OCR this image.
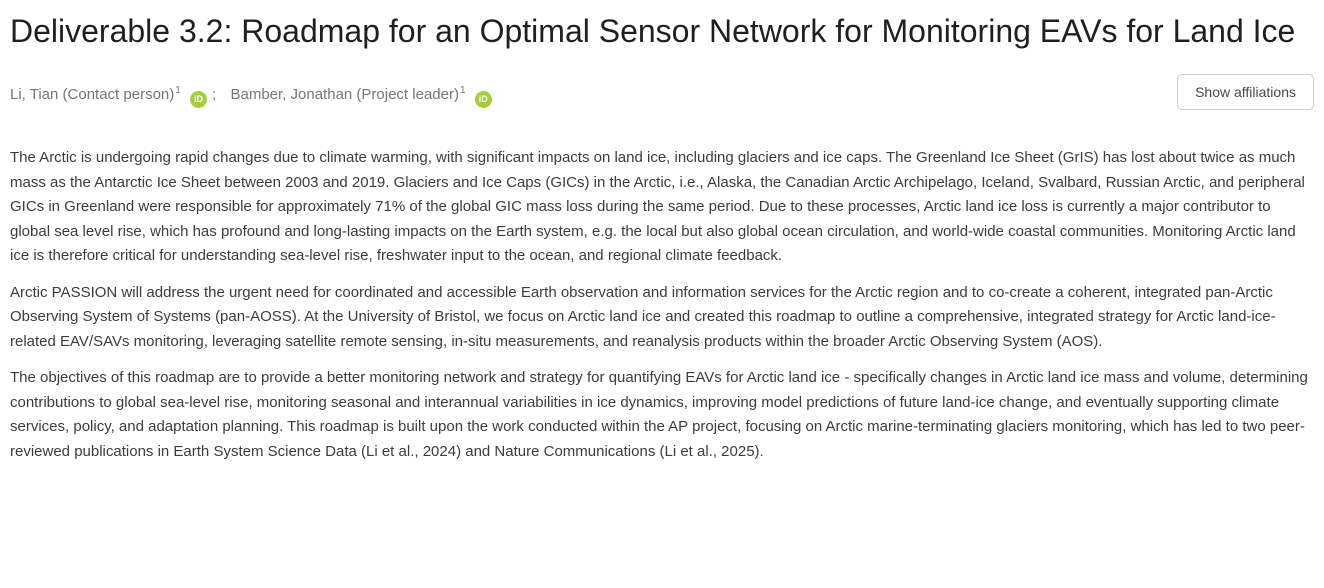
Deliverable 3.2: Roadmap for an Optimal Sensor Network for Monitoring EAVs for Land Ice
Li, Tian (Contact person)$^1$ iD ; Bamber, Jonathan (Project leader)$^1$ iD	Show affiliations

The Arctic is undergoing rapid changes due to climate warming, with significant impacts on land ice, including glaciers and ice caps. The Greenland Ice Sheet (GrIS) has lost about twice as much mass as the Antarctic Ice Sheet between 2003 and 2019. Glaciers and Ice Caps (GICs) in the Arctic, i.e., Alaska, the Canadian Arctic Archipelago, Iceland, Svalbard, Russian Arctic, and peripheral GICs in Greenland were responsible for approximately 71% of the global GIC mass loss during the same period. Due to these processes, Arctic land ice loss is currently a major contributor to global sea level rise, which has profound and long-lasting impacts on the Earth system, e.g. the local but also global ocean circulation, and world-wide coastal communities. Monitoring Arctic land ice is therefore critical for understanding sea-level rise, freshwater input to the ocean, and regional climate feedback.

Arctic PASSION will address the urgent need for coordinated and accessible Earth observation and information services for the Arctic region and to co-create a coherent, integrated pan-Arctic Observing System of Systems (pan-AOSS). At the University of Bristol, we focus on Arctic land ice and created this roadmap to outline a comprehensive, integrated strategy for Arctic land-ice-related EAV/SAVs monitoring, leveraging satellite remote sensing, in-situ measurements, and reanalysis products within the broader Arctic Observing System (AOS).

The objectives of this roadmap are to provide a better monitoring network and strategy for quantifying EAVs for Arctic land ice - specifically changes in Arctic land ice mass and volume, determining contributions to global sea-level rise, monitoring seasonal and interannual variabilities in ice dynamics, improving model predictions of future land-ice change, and eventually supporting climate services, policy, and adaptation planning. This roadmap is built upon the work conducted within the AP project, focusing on Arctic marine-terminating glaciers monitoring, which has led to two peer-reviewed publications in Earth System Science Data (Li et al., 2024) and Nature Communications (Li et al., 2025).
